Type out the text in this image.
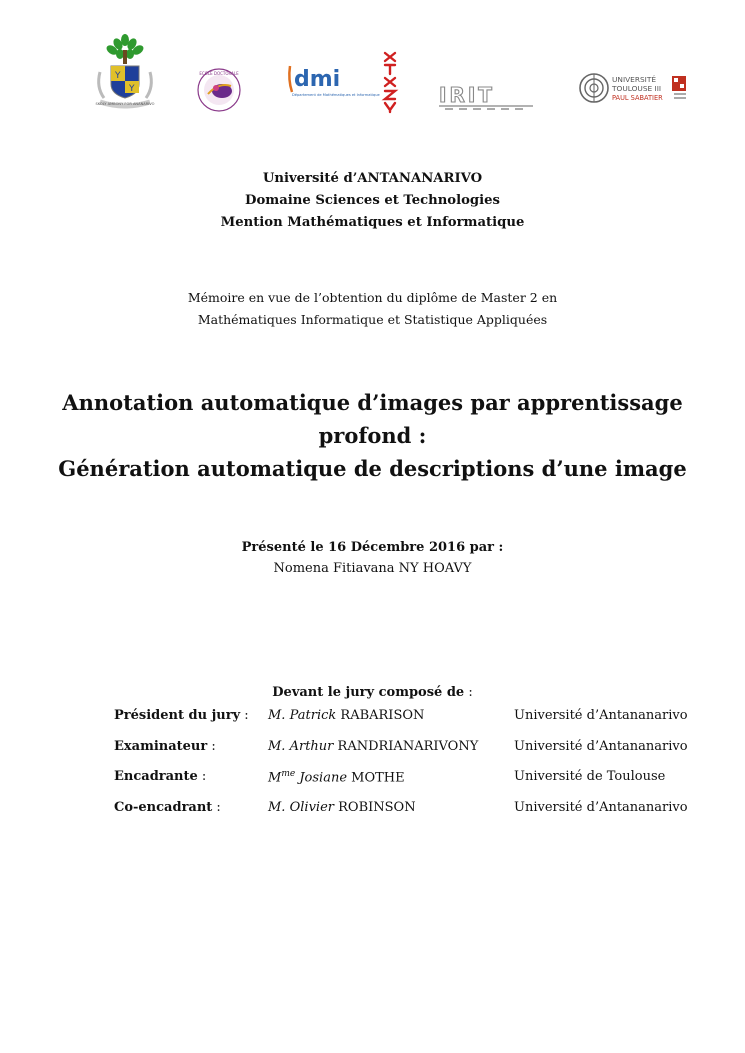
Y
Y
SKOLY AMBONY FOR ANANARIVO
ECOLE DOCTORALE	dmi
Département de Mathématiques et Informatique	IRIT
UNIVERSITÉ
TOULOUSE III
PAUL SABATIER
Université d’ANTANANARIVO
Domaine Sciences et Technologies
Mention Mathématiques et Informatique
Mémoire en vue de l’obtention du diplôme de Master 2 en
Mathématiques Informatique et Statistique Appliquées
Annotation automatique d’images par apprentissage
profond :
Génération automatique de descriptions d’une image
Présenté le 16 Décembre 2016 par :
Nomena Fitiavana NY HOAVY
Devant le jury composé de :
Président du jury : M. Patrick RABARISON	Université d’Antananarivo
Examinateur :	M. Arthur RANDRIANARIVONY	Université d’Antananarivo
Encadrante :	$M^{me}$ Josiane MOTHE	Université de Toulouse
Co-encadrant :	M. Olivier ROBINSON	Université d’Antananarivo
